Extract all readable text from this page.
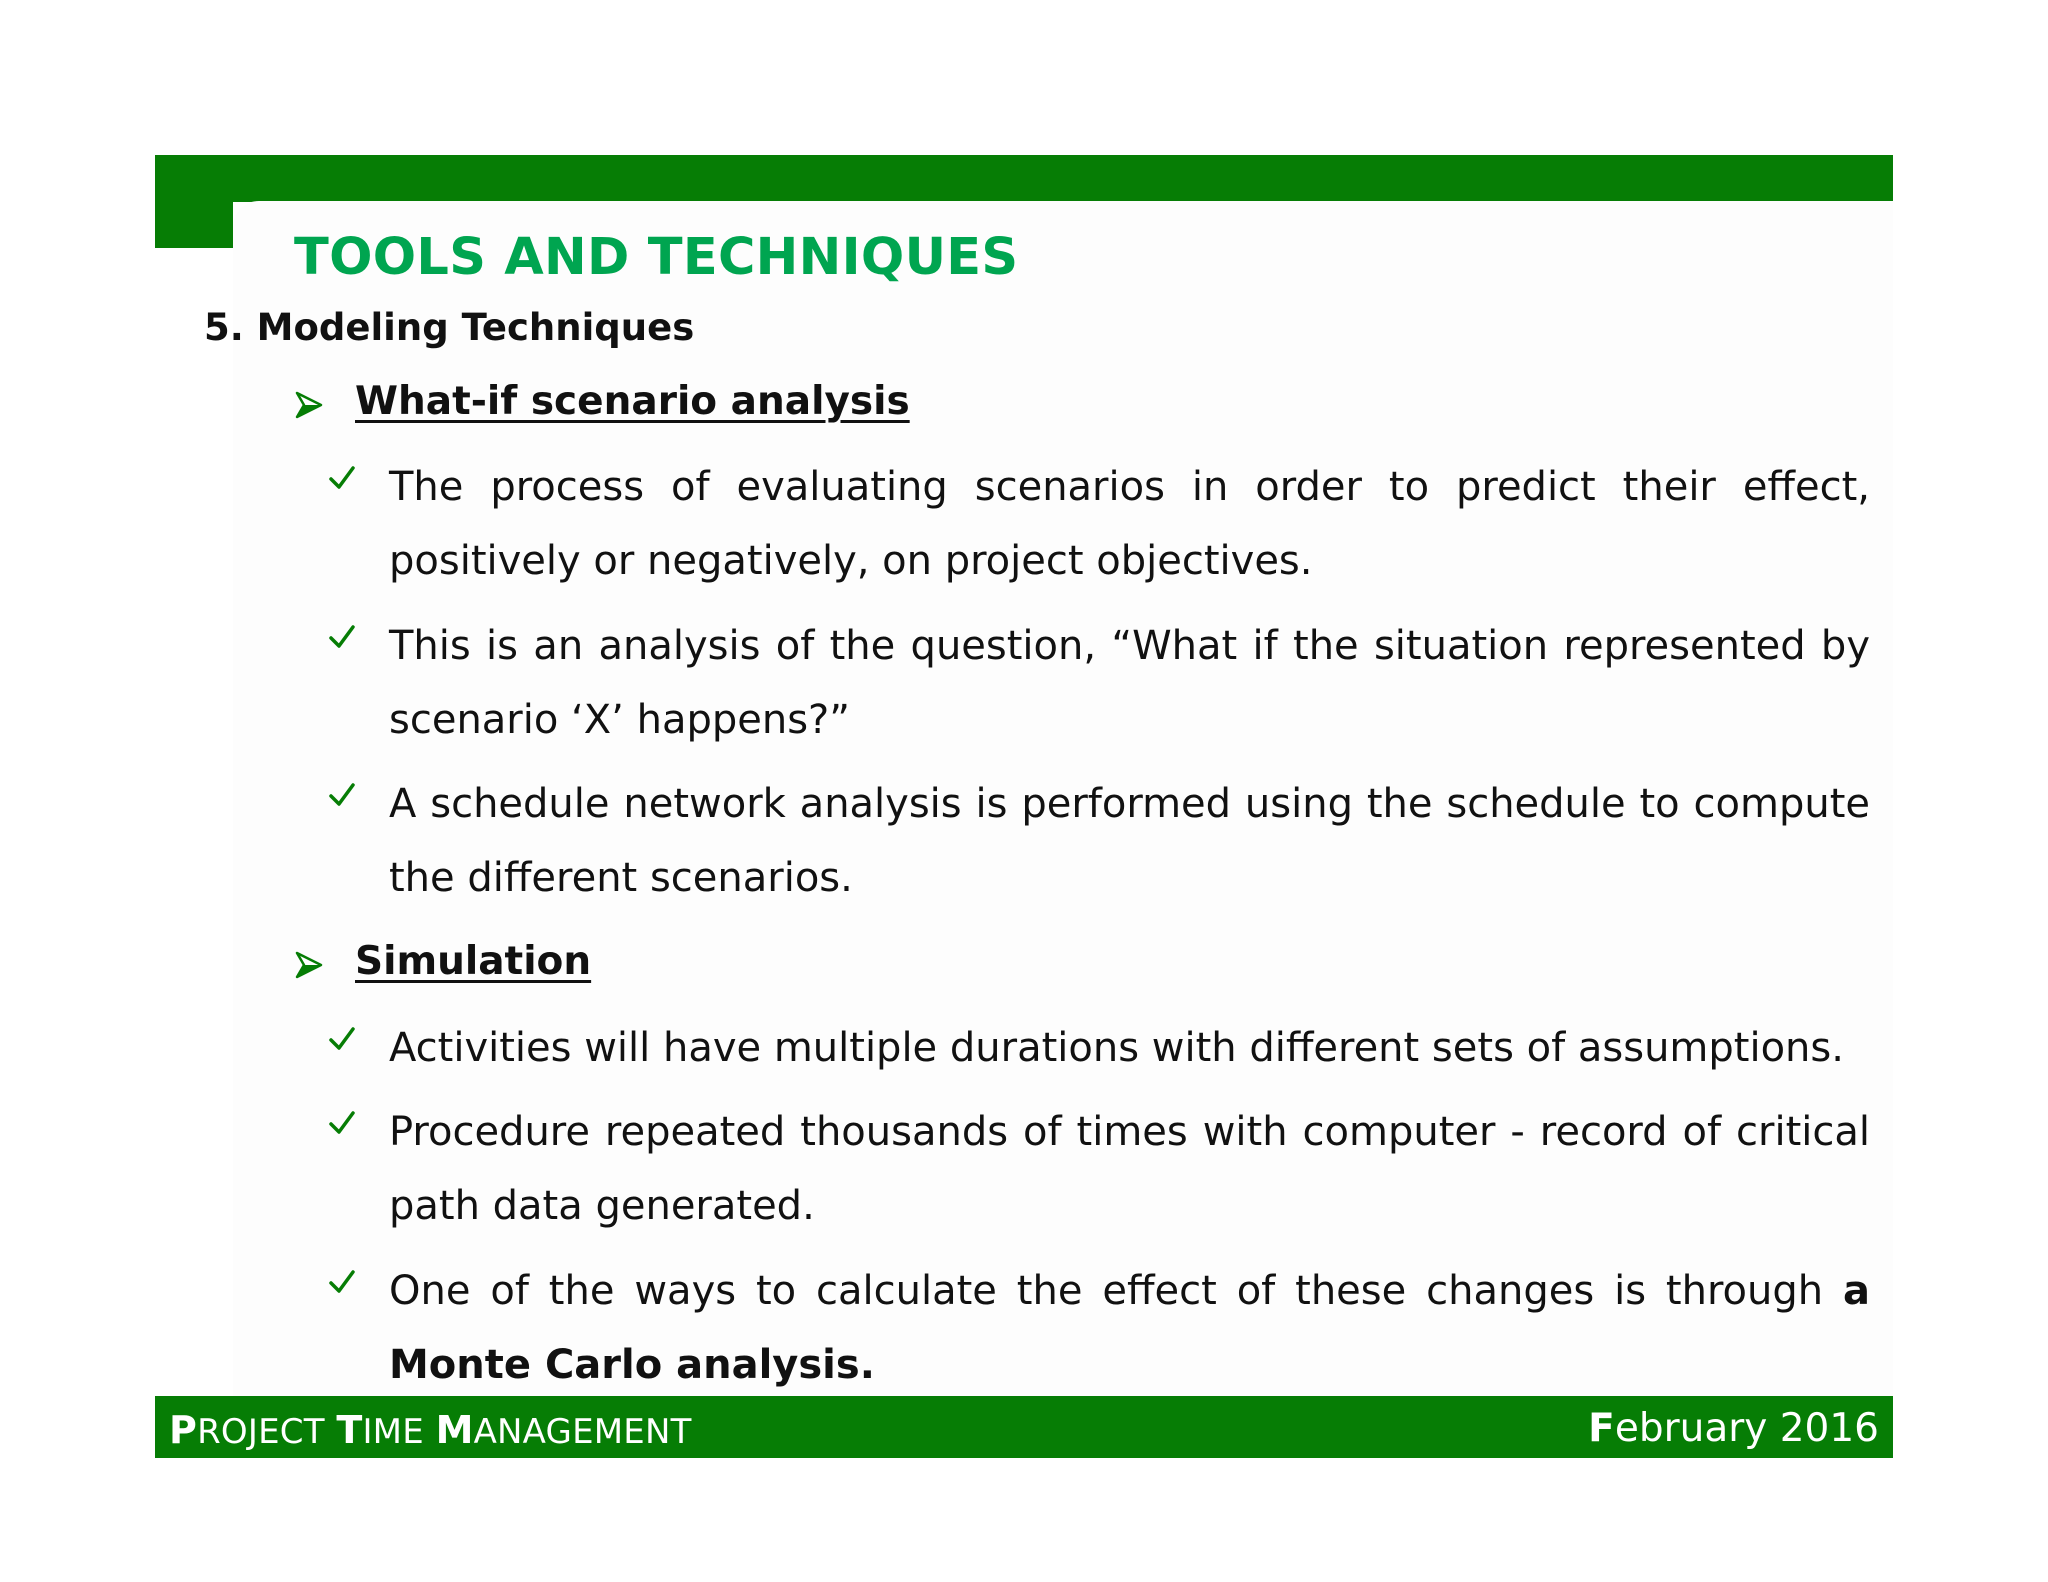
TOOLS AND TECHNIQUES
5. Modeling Techniques
What-if scenario analysis

The process of evaluating scenarios in order to predict their effect, positively or negatively, on project objectives.

This is an analysis of the question, “What if the situation represented by scenario ‘X’ happens?”

A schedule network analysis is performed using the schedule to compute the different scenarios.

Simulation

Activities will have multiple durations with different sets of assumptions.

Procedure repeated thousands of times with computer - record of critical path data generated.

One of the ways to calculate the effect of these changes is through a Monte Carlo analysis.

PROJECT TIME MANAGEMENT	February 2016
